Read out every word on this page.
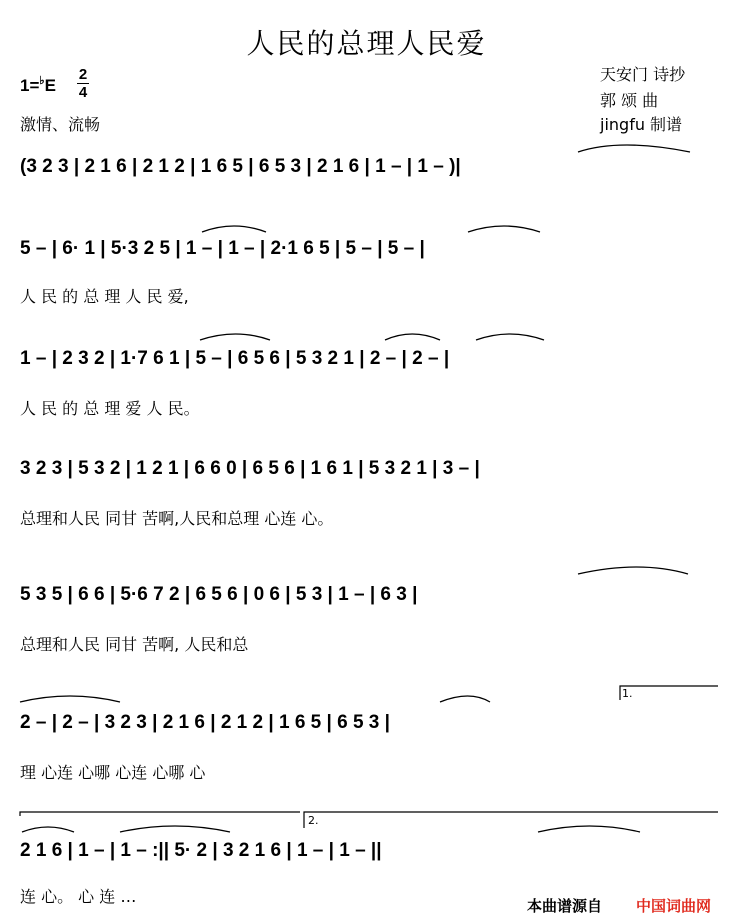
人民的总理人民爱
1=♭E
2
4
激情、流畅
天安门 诗抄
郭 颂 曲
jingfu 制谱
(3 2 3 | 2 1 6 | 2 1 2 | 1 6 5 | 6 5 3 | 2 1 6 | 1 – | 1 – )|
5 – | 6· 1 | 5·3 2 5 | 1 – | 1 – | 2·1 6 5 | 5 – | 5 – |
人 民 的 总 理 人 民 爱,
1 – | 2 3 2 | 1·7 6 1 | 5 – | 6 5 6 | 5 3 2 1 | 2 – | 2 – |
人 民 的 总 理 爱 人 民。
3 2 3 | 5 3 2 | 1 2 1 | 6 6 0 | 6 5 6 | 1 6 1 | 5 3 2 1 | 3 – |
总理和人民 同甘 苦啊,人民和总理 心连 心。
5 3 5 | 6 6 | 5·6 7 2 | 6 5 6 | 0 6 | 5 3 | 1 – | 6 3 |
总理和人民 同甘 苦啊, 人民和总
2 – | 2 – | 3 2 3 | 2 1 6 | 2 1 2 | 1 6 5 | 6 5 3 |
理 心连 心哪 心连 心哪 心
2 1 6 | 1 – | 1 – :|| 5· 2 | 3 2 1 6 | 1 – | 1 – ||
连 心。 心 连 …
1.
2.
本曲谱源自 中国词曲网
